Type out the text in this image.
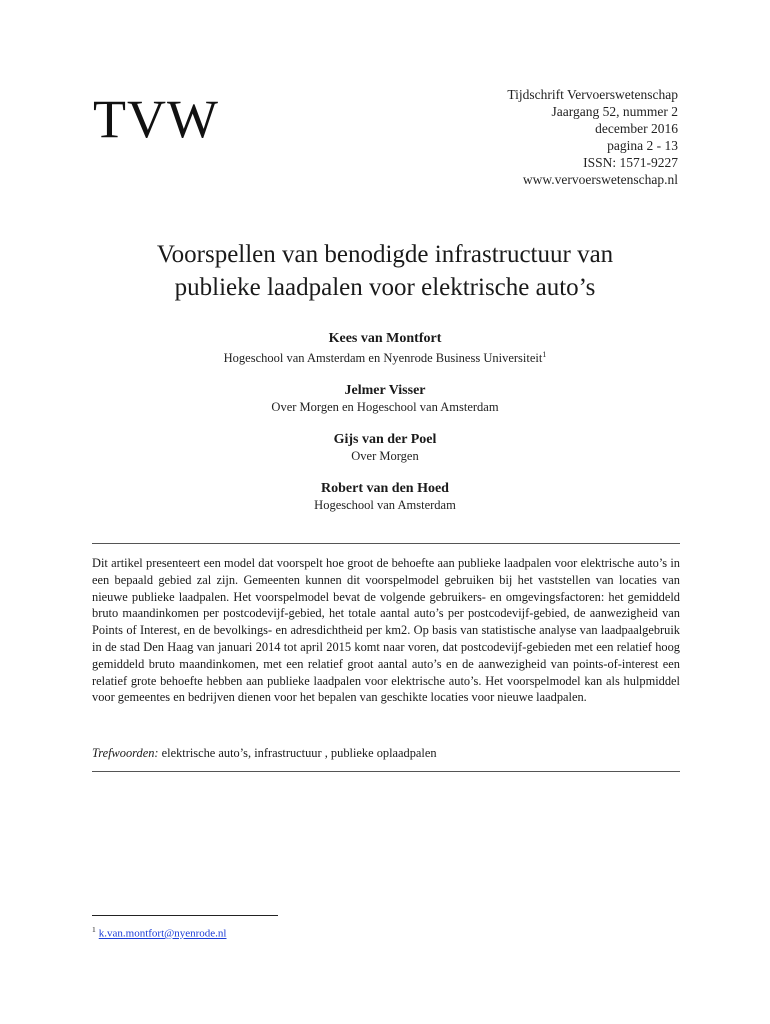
TVW	Tijdschrift Vervoerswetenschap
Jaargang 52, nummer 2
december 2016
pagina 2 - 13
ISSN: 1571-9227
www.vervoerswetenschap.nl
Voorspellen van benodigde infrastructuur van
publieke laadpalen voor elektrische auto’s
Kees van Montfort
Hogeschool van Amsterdam en Nyenrode Business Universiteit$^1$
Jelmer Visser
Over Morgen en Hogeschool van Amsterdam
Gijs van der Poel
Over Morgen
Robert van den Hoed
Hogeschool van Amsterdam

Dit artikel presenteert een model dat voorspelt hoe groot de behoefte aan publieke laadpalen voor elektrische auto’s in een bepaald gebied zal zijn. Gemeenten kunnen dit voorspelmodel gebruiken bij het vaststellen van locaties van nieuwe publieke laadpalen. Het voorspelmodel bevat de volgende gebruikers- en omgevingsfactoren: het gemiddeld bruto maandinkomen per postcodevijf-gebied, het totale aantal auto’s per postcodevijf-gebied, de aanwezigheid van Points of Interest, en de bevolkings- en adresdichtheid per km2. Op basis van statistische analyse van laadpaalgebruik in de stad Den Haag van januari 2014 tot april 2015 komt naar voren, dat postcodevijf-gebieden met een relatief hoog gemiddeld bruto maandinkomen, met een relatief groot aantal auto’s en de aanwezigheid van points-of-interest een relatief grote behoefte hebben aan publieke laadpalen voor elektrische auto’s. Het voorspelmodel kan als hulpmiddel voor gemeentes en bedrijven dienen voor het bepalen van geschikte locaties voor nieuwe laadpalen.

Trefwoorden: elektrische auto’s, infrastructuur , publieke oplaadpalen
$^1$ k.van.montfort@nyenrode.nl
